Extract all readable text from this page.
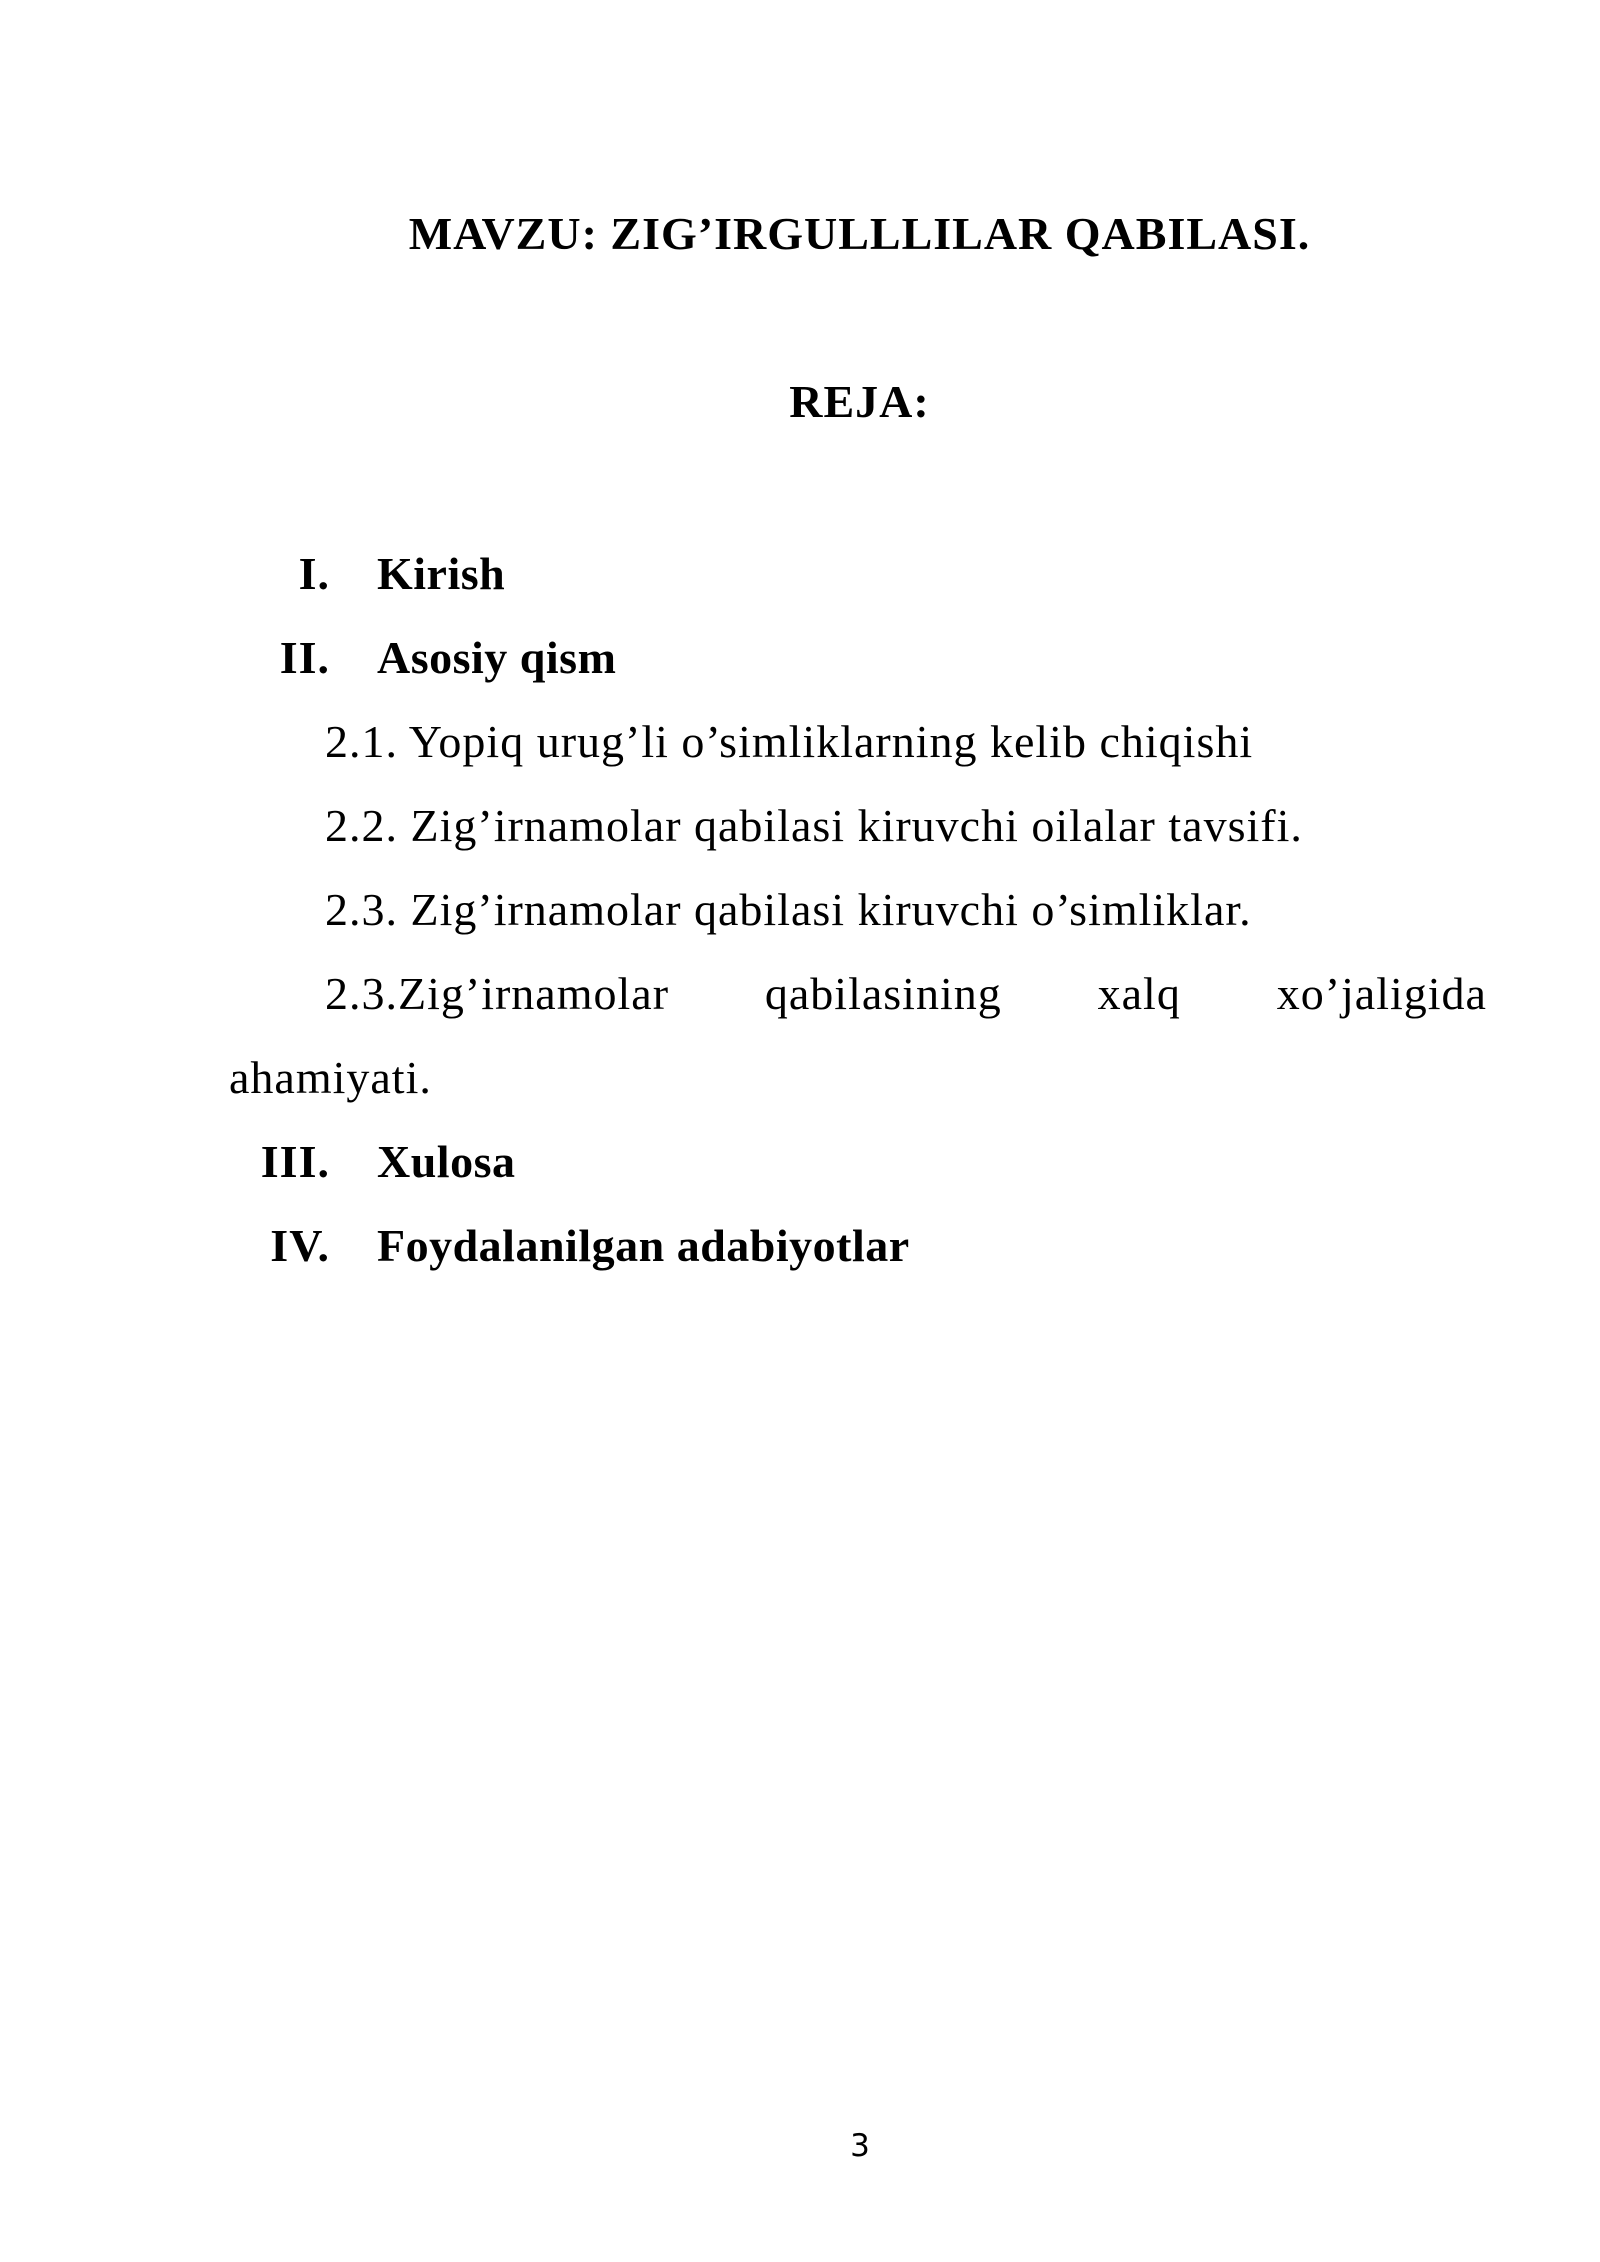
MAVZU: ZIG’IRGULLLILAR QABILASI.
REJA:
I. Kirish
II. Asosiy qism
2.1. Yopiq urug’li o’simliklarning kelib chiqishi
2.2. Zig’irnamolar qabilasi kiruvchi oilalar tavsifi.
2.3. Zig’irnamolar qabilasi kiruvchi o’simliklar.
2.3.Zig’irnamolar qabilasining xalq xo’jaligida
ahamiyati.
III. Xulosa
IV. Foydalanilgan adabiyotlar
3
